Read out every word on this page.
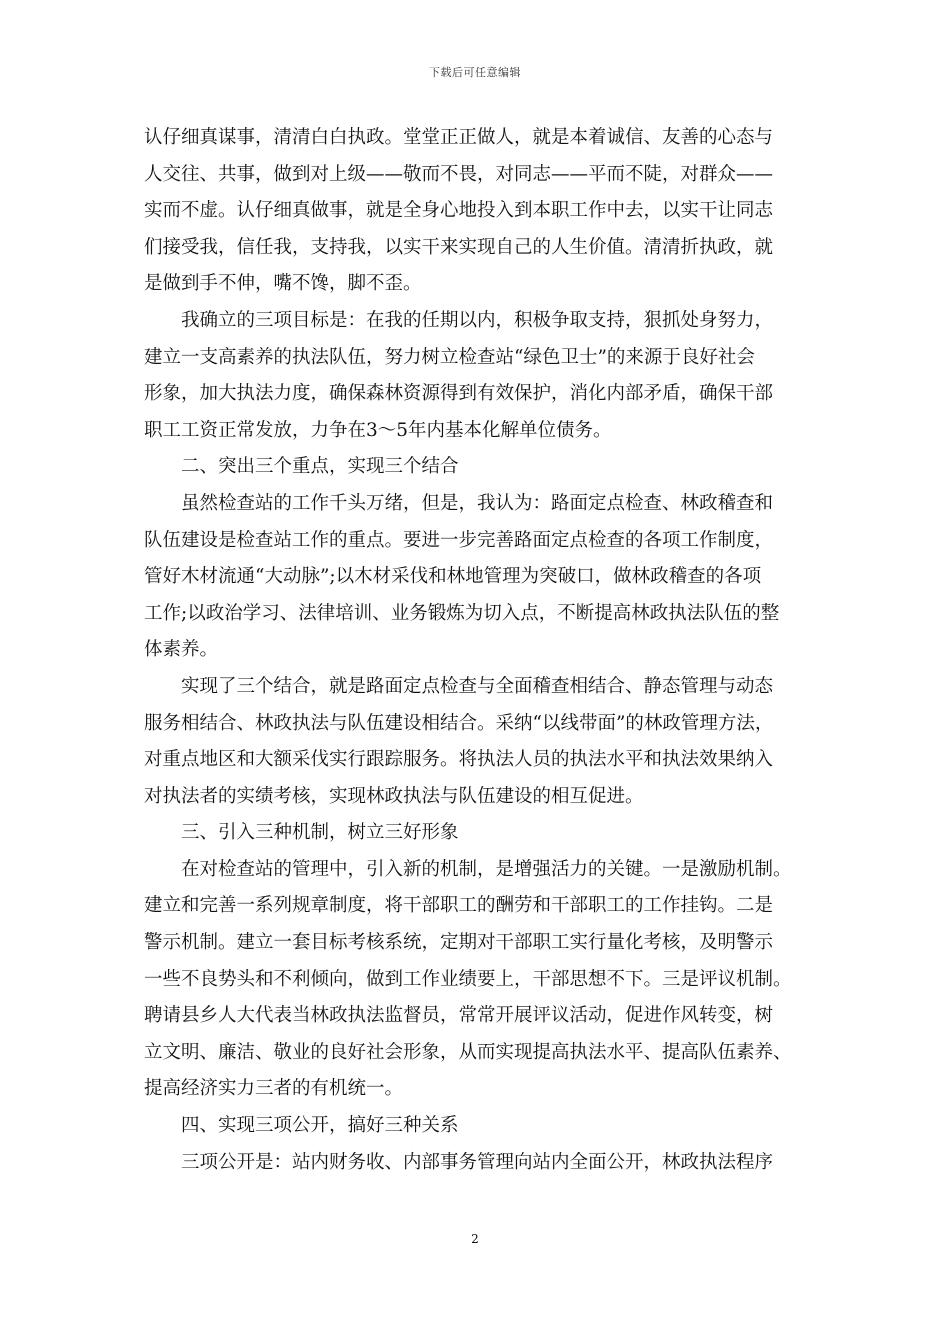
下载后可任意编辑
认仔细真谋事，清清白白执政。堂堂正正做人，就是本着诚信、友善的心态与
人交往、共事，做到对上级——敬而不畏，对同志——平而不陡，对群众——
实而不虚。认仔细真做事，就是全身心地投入到本职工作中去，以实干让同志
们接受我，信任我，支持我，以实干来实现自己的人生价值。清清折执政，就
是做到手不伸，嘴不馋，脚不歪。
我确立的三项目标是：在我的任期以内，积极争取支持，狠抓处身努力，
建立一支高素养的执法队伍，努力树立检查站“绿色卫士”的来源于良好社会
形象，加大执法力度，确保森林资源得到有效保护，消化内部矛盾，确保干部
职工工资正常发放，力争在3～5年内基本化解单位债务。
二、突出三个重点，实现三个结合
虽然检查站的工作千头万绪，但是，我认为：路面定点检查、林政稽查和
队伍建设是检查站工作的重点。要进一步完善路面定点检查的各项工作制度，
管好木材流通“大动脉”;以木材采伐和林地管理为突破口，做林政稽查的各项
工作;以政治学习、法律培训、业务锻炼为切入点，不断提高林政执法队伍的整
体素养。
实现了三个结合，就是路面定点检查与全面稽查相结合、静态管理与动态
服务相结合、林政执法与队伍建设相结合。采纳“以线带面”的林政管理方法，
对重点地区和大额采伐实行跟踪服务。将执法人员的执法水平和执法效果纳入
对执法者的实绩考核，实现林政执法与队伍建设的相互促进。
三、引入三种机制，树立三好形象
在对检查站的管理中，引入新的机制，是增强活力的关键。一是激励机制。
建立和完善一系列规章制度，将干部职工的酬劳和干部职工的工作挂钩。二是
警示机制。建立一套目标考核系统，定期对干部职工实行量化考核，及明警示
一些不良势头和不利倾向，做到工作业绩要上，干部思想不下。三是评议机制。
聘请县乡人大代表当林政执法监督员，常常开展评议活动，促进作风转变，树
立文明、廉洁、敬业的良好社会形象，从而实现提高执法水平、提高队伍素养、
提高经济实力三者的有机统一。
四、实现三项公开，搞好三种关系
三项公开是：站内财务收、内部事务管理向站内全面公开，林政执法程序
2
